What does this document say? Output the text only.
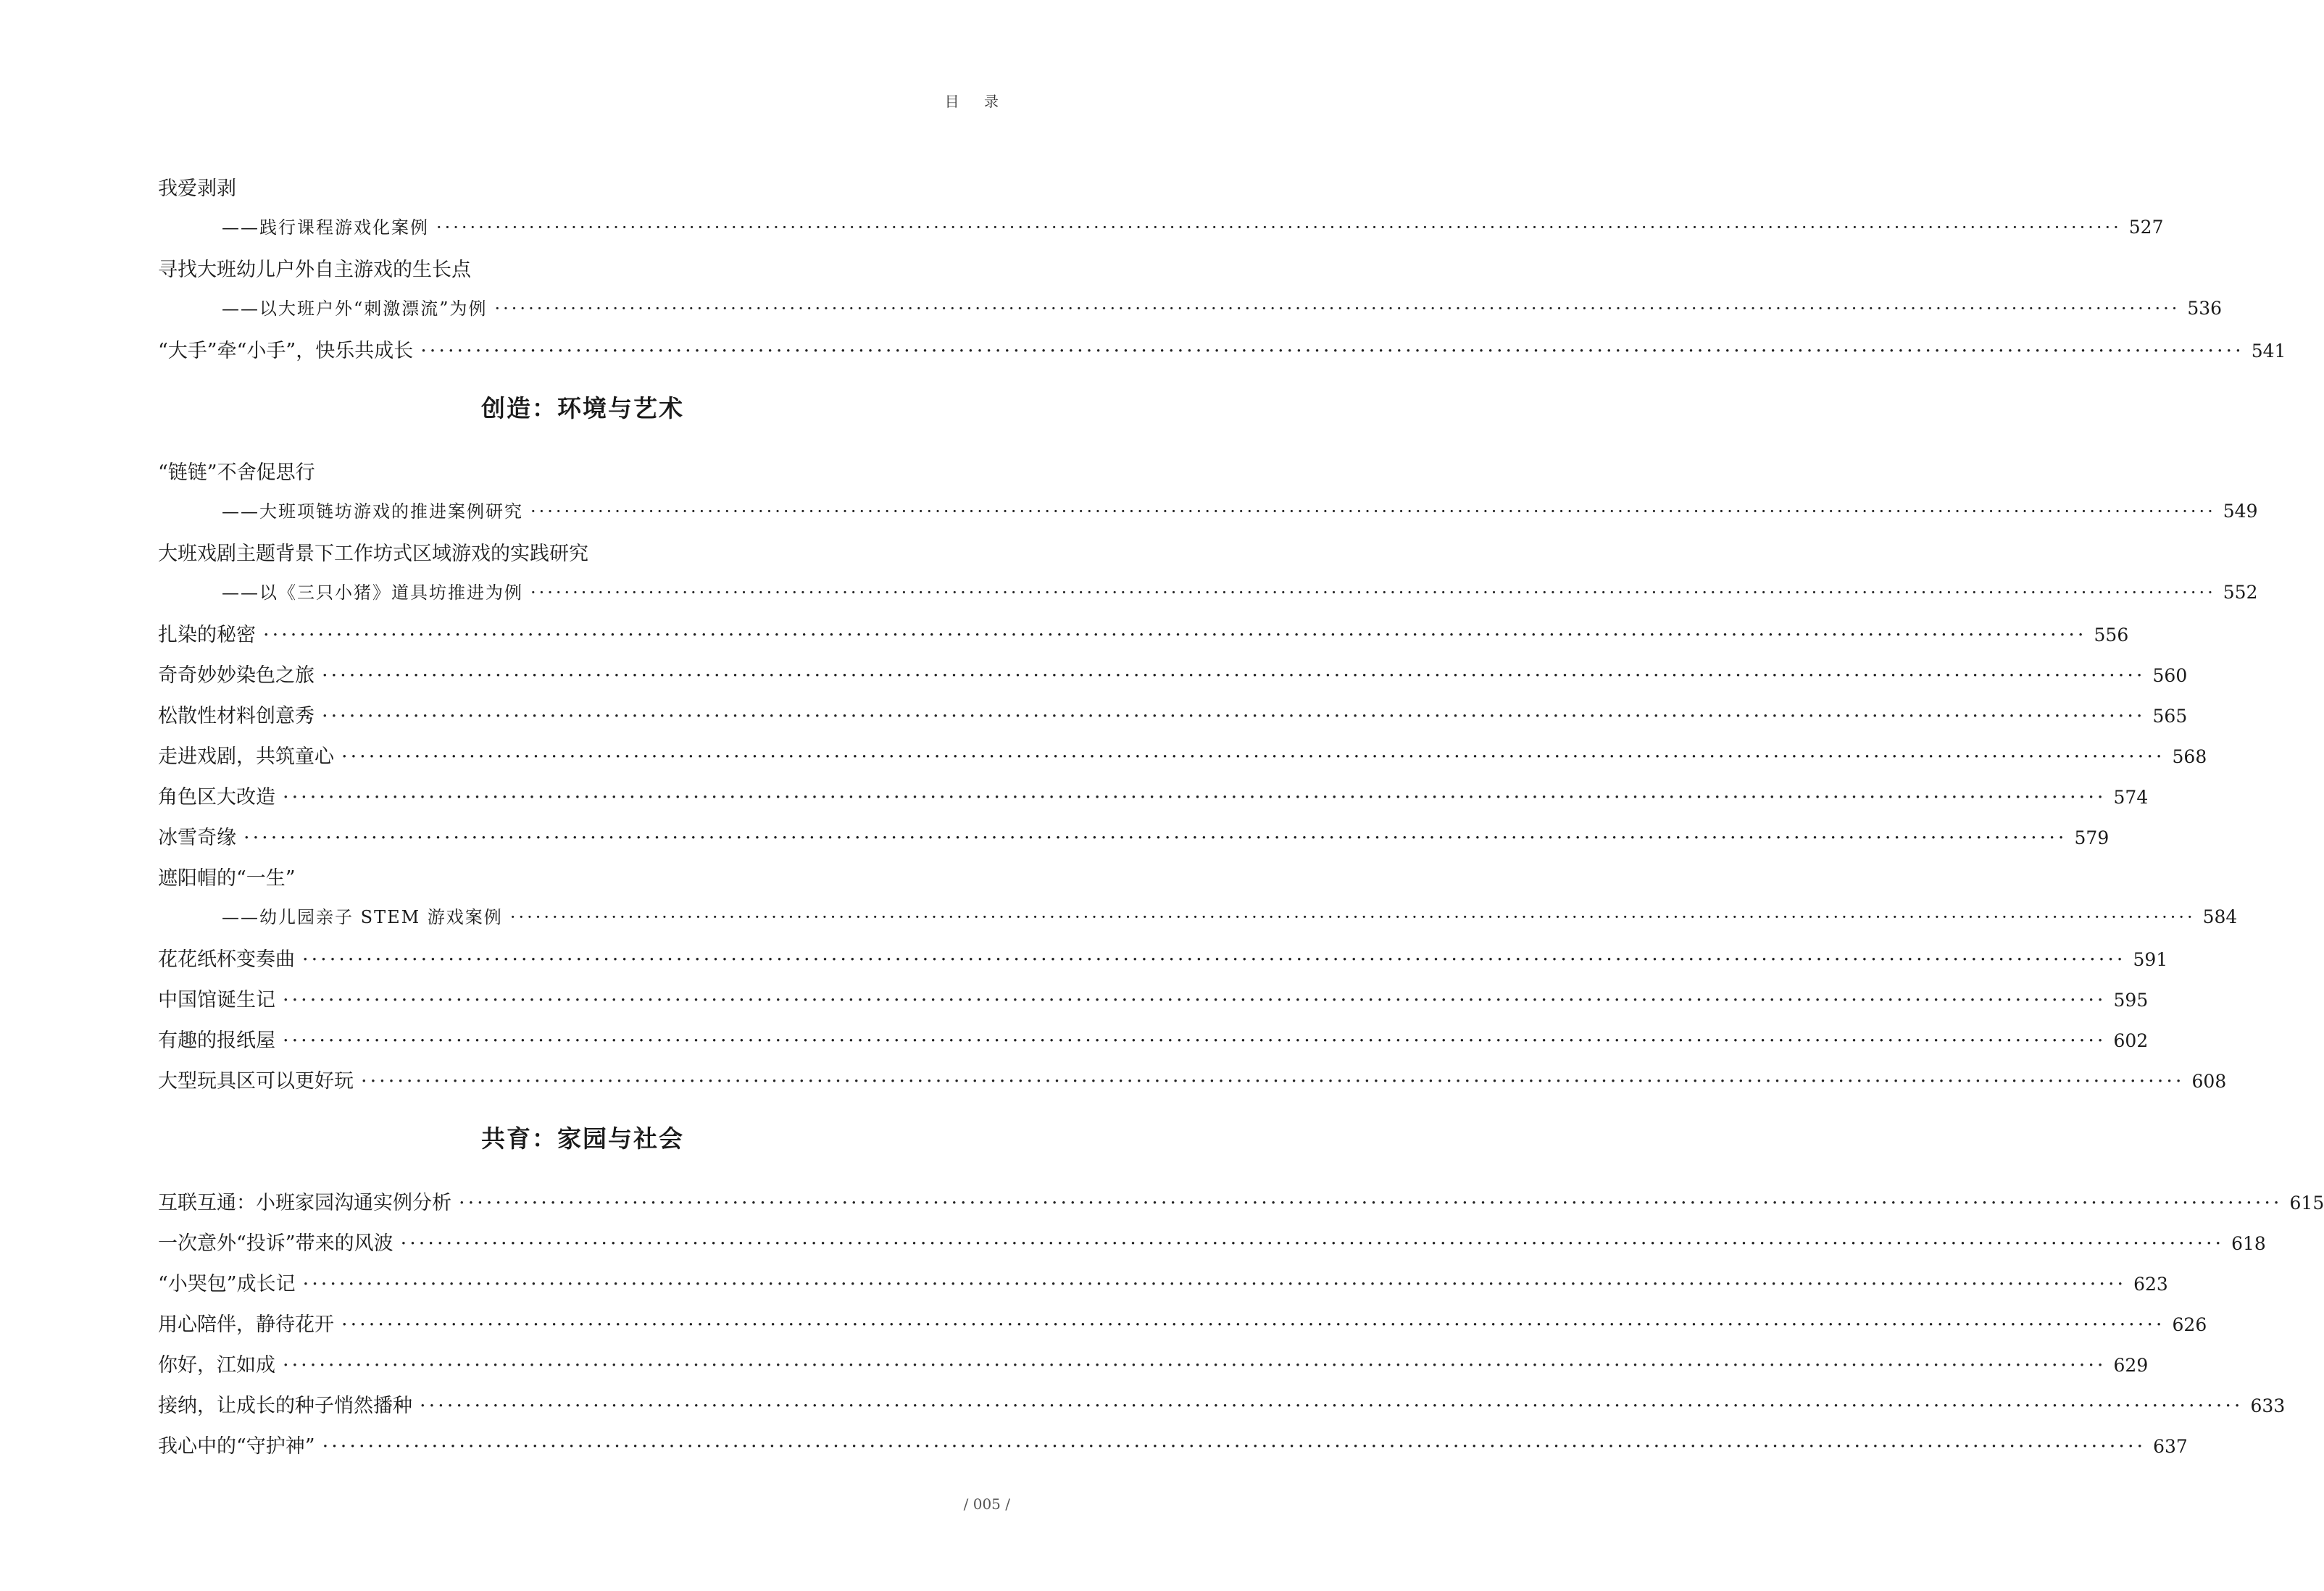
目 录
我爱剥剥
——践行课程游戏化案例 ········································································································································································································ 527
寻找大班幼儿户外自主游戏的生长点
——以大班户外“刺激漂流”为例 ········································································································································································································ 536
“大手”牵“小手”，快乐共成长 ········································································································································································································ 541
创造：环境与艺术
“链链”不舍促思行
——大班项链坊游戏的推进案例研究 ········································································································································································································ 549
大班戏剧主题背景下工作坊式区域游戏的实践研究
——以《三只小猪》道具坊推进为例 ········································································································································································································ 552
扎染的秘密 ········································································································································································································ 556
奇奇妙妙染色之旅 ········································································································································································································ 560
松散性材料创意秀 ········································································································································································································ 565
走进戏剧，共筑童心 ········································································································································································································ 568
角色区大改造 ········································································································································································································ 574
冰雪奇缘 ········································································································································································································ 579
遮阳帽的“一生”
——幼儿园亲子 STEM 游戏案例 ········································································································································································································ 584
花花纸杯变奏曲 ········································································································································································································ 591
中国馆诞生记 ········································································································································································································ 595
有趣的报纸屋 ········································································································································································································ 602
大型玩具区可以更好玩 ········································································································································································································ 608
共育：家园与社会
互联互通：小班家园沟通实例分析 ········································································································································································································ 615
一次意外“投诉”带来的风波 ········································································································································································································ 618
“小哭包”成长记 ········································································································································································································ 623
用心陪伴，静待花开 ········································································································································································································ 626
你好，江如成 ········································································································································································································ 629
接纳，让成长的种子悄然播种 ········································································································································································································ 633
我心中的“守护神” ········································································································································································································ 637
/ 005 /
